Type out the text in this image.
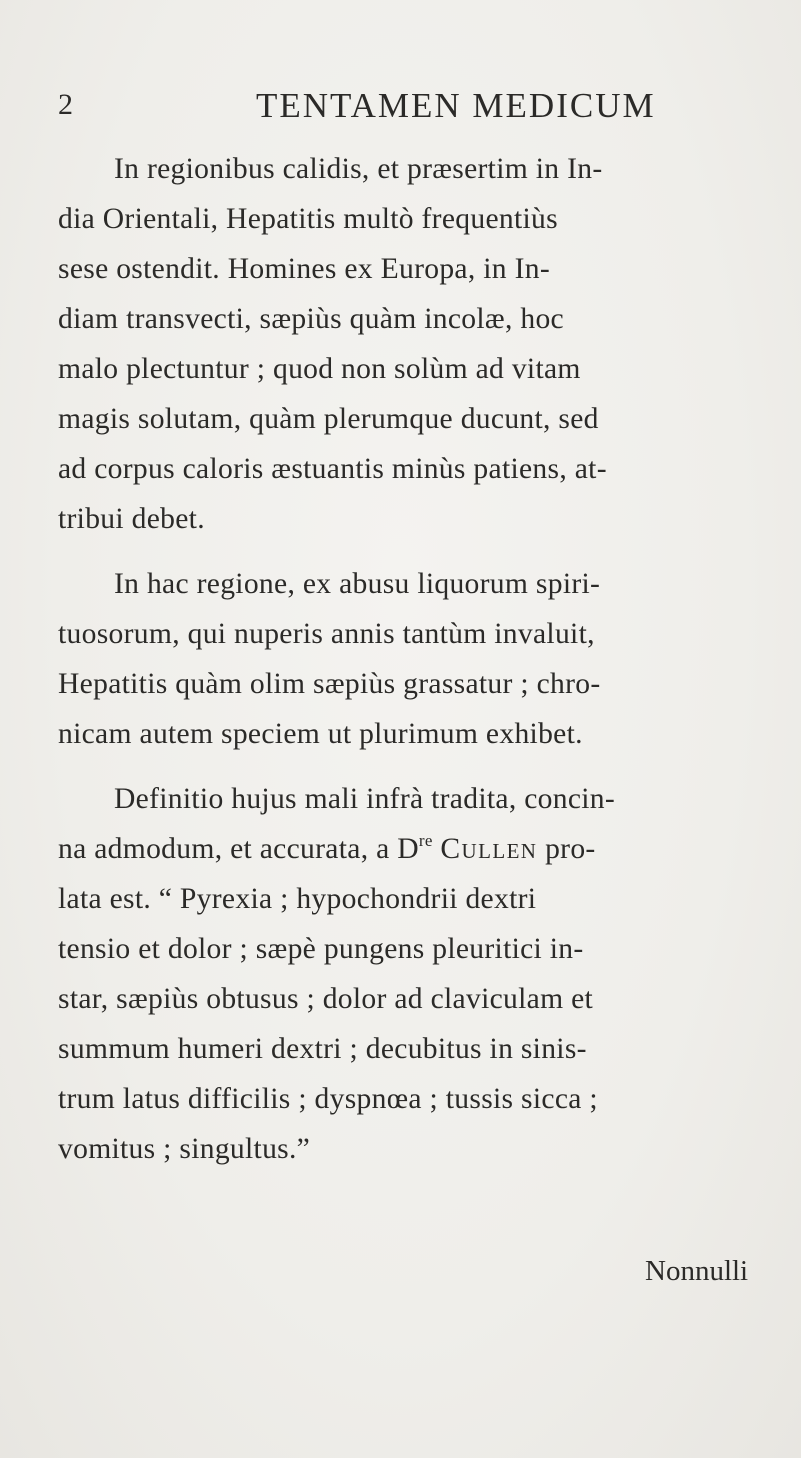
2	TENTAMEN MEDICUM
In regionibus calidis, et præsertim in In-
dia Orientali, Hepatitis multò frequentiùs
sese ostendit. Homines ex Europa, in In-
diam transvecti, sæpiùs quàm incolæ, hoc
malo plectuntur ; quod non solùm ad vitam
magis solutam, quàm plerumque ducunt, sed
ad corpus caloris æstuantis minùs patiens, at-
tribui debet.
In hac regione, ex abusu liquorum spiri-
tuosorum, qui nuperis annis tantùm invaluit,
Hepatitis quàm olim sæpiùs grassatur ; chro-
nicam autem speciem ut plurimum exhibet.
Definitio hujus mali infrà tradita, concin-
na admodum, et accurata, a Dre Cullen pro-
lata est. “ Pyrexia ; hypochondrii dextri
tensio et dolor ; sæpè pungens pleuritici in-
star, sæpiùs obtusus ; dolor ad claviculam et
summum humeri dextri ; decubitus in sinis-
trum latus difficilis ; dyspnœa ; tussis sicca ;
vomitus ; singultus.”
Nonnulli
